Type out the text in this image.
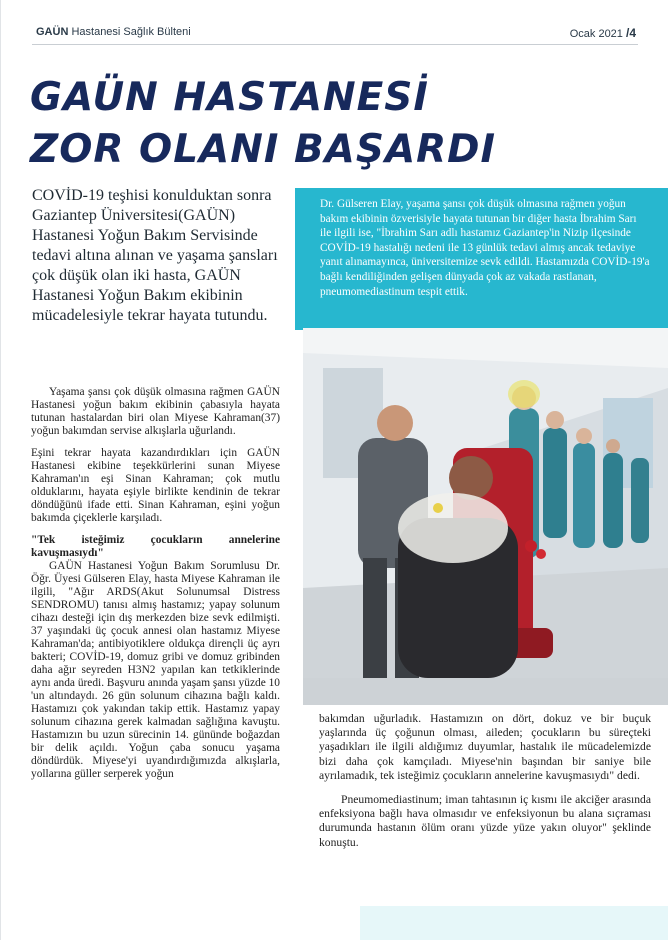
GAÜN Hastanesi Sağlık Bülteni	Ocak 2021 /4
GAÜN HASTANESİ
ZOR OLANI BAŞARDI
COVİD-19 teşhisi konulduktan sonra Gaziantep Üniversitesi(GAÜN) Hastanesi Yoğun Bakım Servisinde tedavi altına alınan ve yaşama şansları çok düşük olan iki hasta, GAÜN Hastanesi Yoğun Bakım ekibinin mücadelesiyle tekrar hayata tutundu.

Yaşama şansı çok düşük olmasına rağmen GAÜN Hastanesi yoğun bakım ekibinin çabasıyla hayata tutunan hastalardan biri olan Miyese Kahraman(37) yoğun bakımdan servise alkışlarla uğurlandı.

Eşini tekrar hayata kazandırdıkları için GAÜN Hastanesi ekibine teşekkürlerini sunan Miyese Kahraman'ın eşi Sinan Kahraman; çok mutlu olduklarını, hayata eşiyle birlikte kendinin de tekrar döndüğünü ifade etti. Sinan Kahraman, eşini yoğun bakımda çiçeklerle karşıladı.

"Tek isteğimiz çocukların annelerine kavuşmasıydı"

GAÜN Hastanesi Yoğun Bakım Sorumlusu Dr. Öğr. Üyesi Gülseren Elay, hasta Miyese Kahraman ile ilgili, "Ağır ARDS(Akut Solunumsal Distress SENDROMU) tanısı almış hastamız; yapay solunum cihazı desteği için dış merkezden bize sevk edilmişti. 37 yaşındaki üç çocuk annesi olan hastamız Miyese Kahraman'da; antibiyotiklere oldukça dirençli üç ayrı bakteri; COVİD-19, domuz gribi ve domuz gribinden daha ağır seyreden H3N2 yapılan kan tetkiklerinde aynı anda üredi. Başvuru anında yaşam şansı yüzde 10 'un altındaydı. 26 gün solunum cihazına bağlı kaldı. Hastamızı çok yakından takip ettik. Hastamız yapay solunum cihazına gerek kalmadan sağlığına kavuştu. Hastamızın bu uzun sürecinin 14. gününde boğazdan bir delik açıldı. Yoğun çaba sonucu yaşama döndürdük. Miyese'yi uyandırdığımızda alkışlarla, yollarına güller serperek yoğun

Dr. Gülseren Elay, yaşama şansı çok düşük olmasına rağmen yoğun bakım ekibinin özverisiyle hayata tutunan bir diğer hasta İbrahim Sarı ile ilgili ise, "İbrahim Sarı adlı hastamız Gaziantep'in Nizip ilçesinde COVİD-19 hastalığı nedeni ile 13 günlük tedavi almış ancak tedaviye yanıt alınamayınca, üniversitemize sevk edildi. Hastamızda COVİD-19'a bağlı kendiliğinden gelişen dünyada çok az vakada rastlanan, pneumomediastinum tespit ettik.

bakımdan uğurladık. Hastamızın on dört, dokuz ve bir buçuk yaşlarında üç çoğunun olması, aileden; çocukların bu süreçteki yaşadıkları ile ilgili aldığımız duyumlar, hastalık ile mücadelemizde bizi daha çok kamçıladı. Miyese'nin başından bir saniye bile ayrılamadık, tek isteğimiz çocukların annelerine kavuşmasıydı" dedi.

Pneumomediastinum; iman tahtasının iç kısmı ile akciğer arasında enfeksiyona bağlı hava olmasıdır ve enfeksiyonun bu alana sıçraması durumunda hastanın ölüm oranı yüzde yüze yakın oluyor" şeklinde konuştu.
